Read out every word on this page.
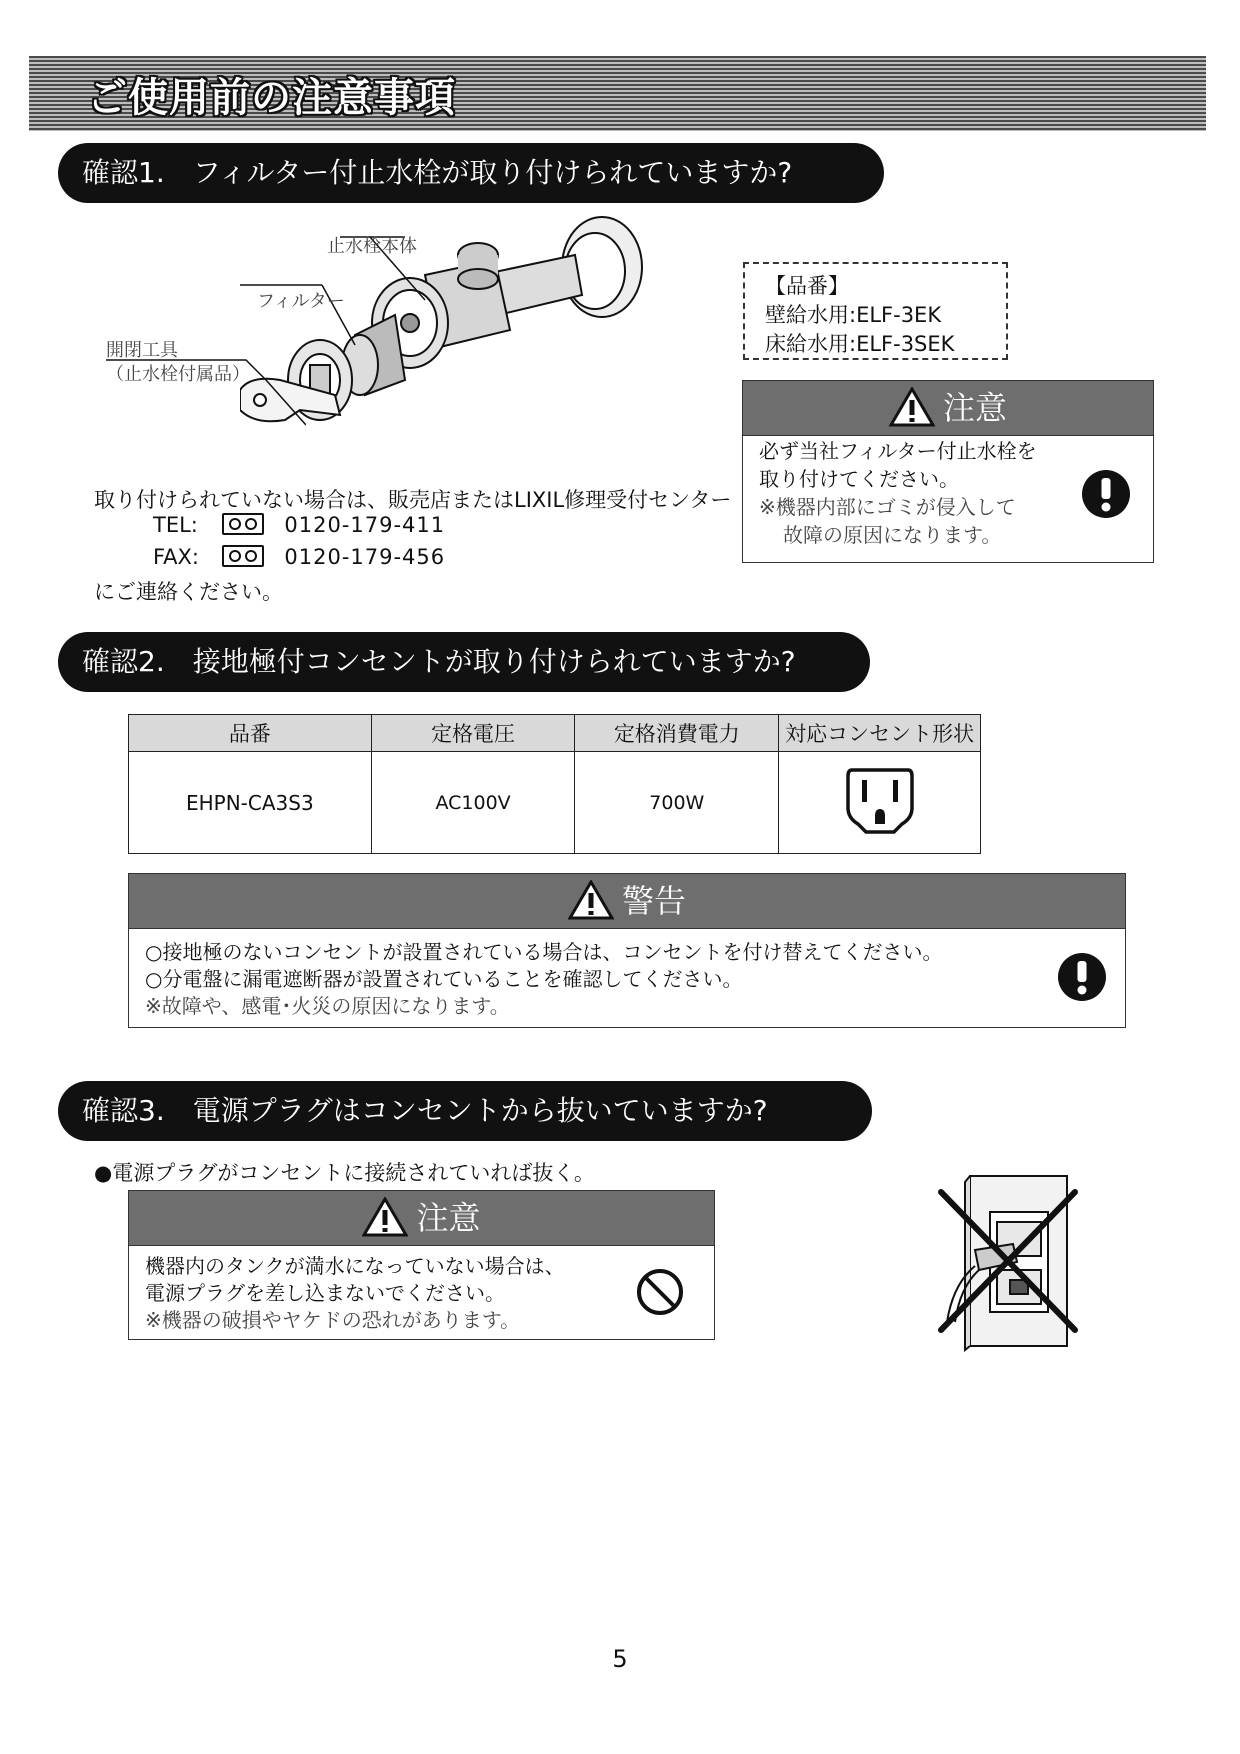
ご使用前の注意事項
確認1.　フィルター付止水栓が取り付けられていますか?
止水栓本体
フィルター
開閉工具
（止水栓付属品）
取り付けられていない場合は、販売店またはLIXIL修理受付センター
TEL:	0120-179-411
FAX:	0120-179-456
にご連絡ください。
【品番】
壁給水用:ELF-3EK
床給水用:ELF-3SEK
注意
必ず当社フィルター付止水栓を
取り付けてください。
※機器内部にゴミが侵入して
故障の原因になります。
確認2.　接地極付コンセントが取り付けられていますか?
品番	定格電圧	定格消費電力	対応コンセント形状
EHPN-CA3S3	AC100V	700W	
警告
○接地極のないコンセントが設置されている場合は、コンセントを付け替えてください。
○分電盤に漏電遮断器が設置されていることを確認してください。
※故障や、感電･火災の原因になります。
確認3.　電源プラグはコンセントから抜いていますか?
●電源プラグがコンセントに接続されていれば抜く。
注意
機器内のタンクが満水になっていない場合は、
電源プラグを差し込まないでください。
※機器の破損やヤケドの恐れがあります。
5
